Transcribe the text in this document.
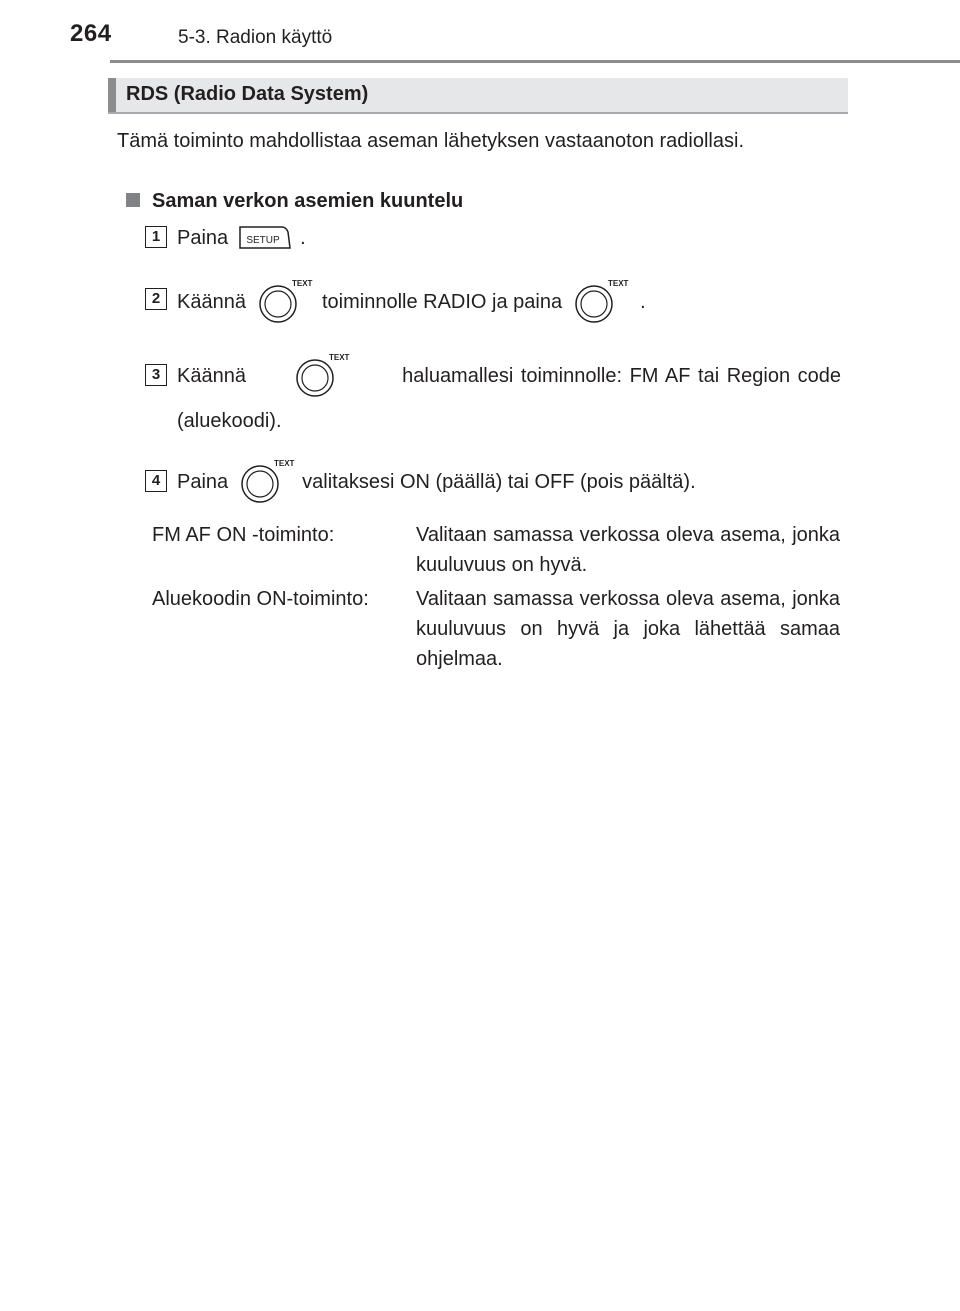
264	5-3. Radion käyttö
RDS (Radio Data System)
Tämä toiminto mahdollistaa aseman lähetyksen vastaanoton radiollasi.
Saman verkon asemien kuuntelu
1 Paina SETUP .
2 Käännä
TEXT
toiminnolle RADIO ja paina
TEXT
.
3 Käännä
TEXT
haluamallesi toiminnolle: FM AF tai Region code
(aluekoodi).
4 Paina
TEXT
valitaksesi ON (päällä) tai OFF (pois päältä).
FM AF ON -toiminto:	Valitaan samassa verkossa oleva asema, jonka kuuluvuus on hyvä.
Aluekoodin ON-toiminto: Valitaan samassa verkossa oleva asema, jonka kuuluvuus on hyvä ja joka lähettää samaa ohjelmaa.
